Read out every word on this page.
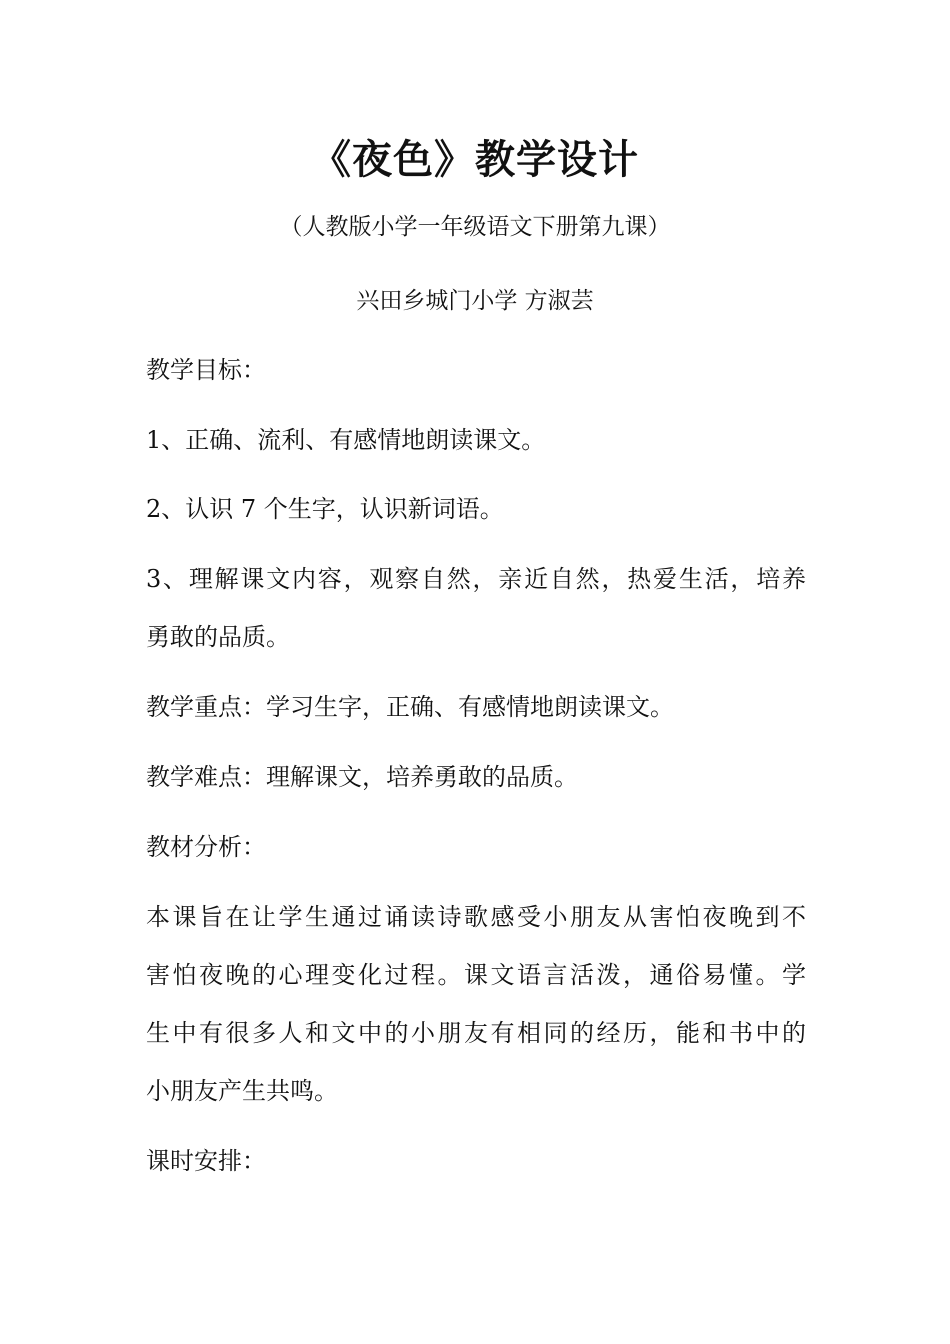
《夜色》教学设计
（人教版小学一年级语文下册第九课）
兴田乡城门小学 方淑芸
教学目标：
1、正确、流利、有感情地朗读课文。
2、认识 7 个生字，认识新词语。
3、理解课文内容，观察自然，亲近自然，热爱生活，培养
勇敢的品质。
教学重点：学习生字，正确、有感情地朗读课文。
教学难点：理解课文，培养勇敢的品质。
教材分析：
本课旨在让学生通过诵读诗歌感受小朋友从害怕夜晚到不
害怕夜晚的心理变化过程。课文语言活泼，通俗易懂。学
生中有很多人和文中的小朋友有相同的经历，能和书中的
小朋友产生共鸣。
课时安排：
